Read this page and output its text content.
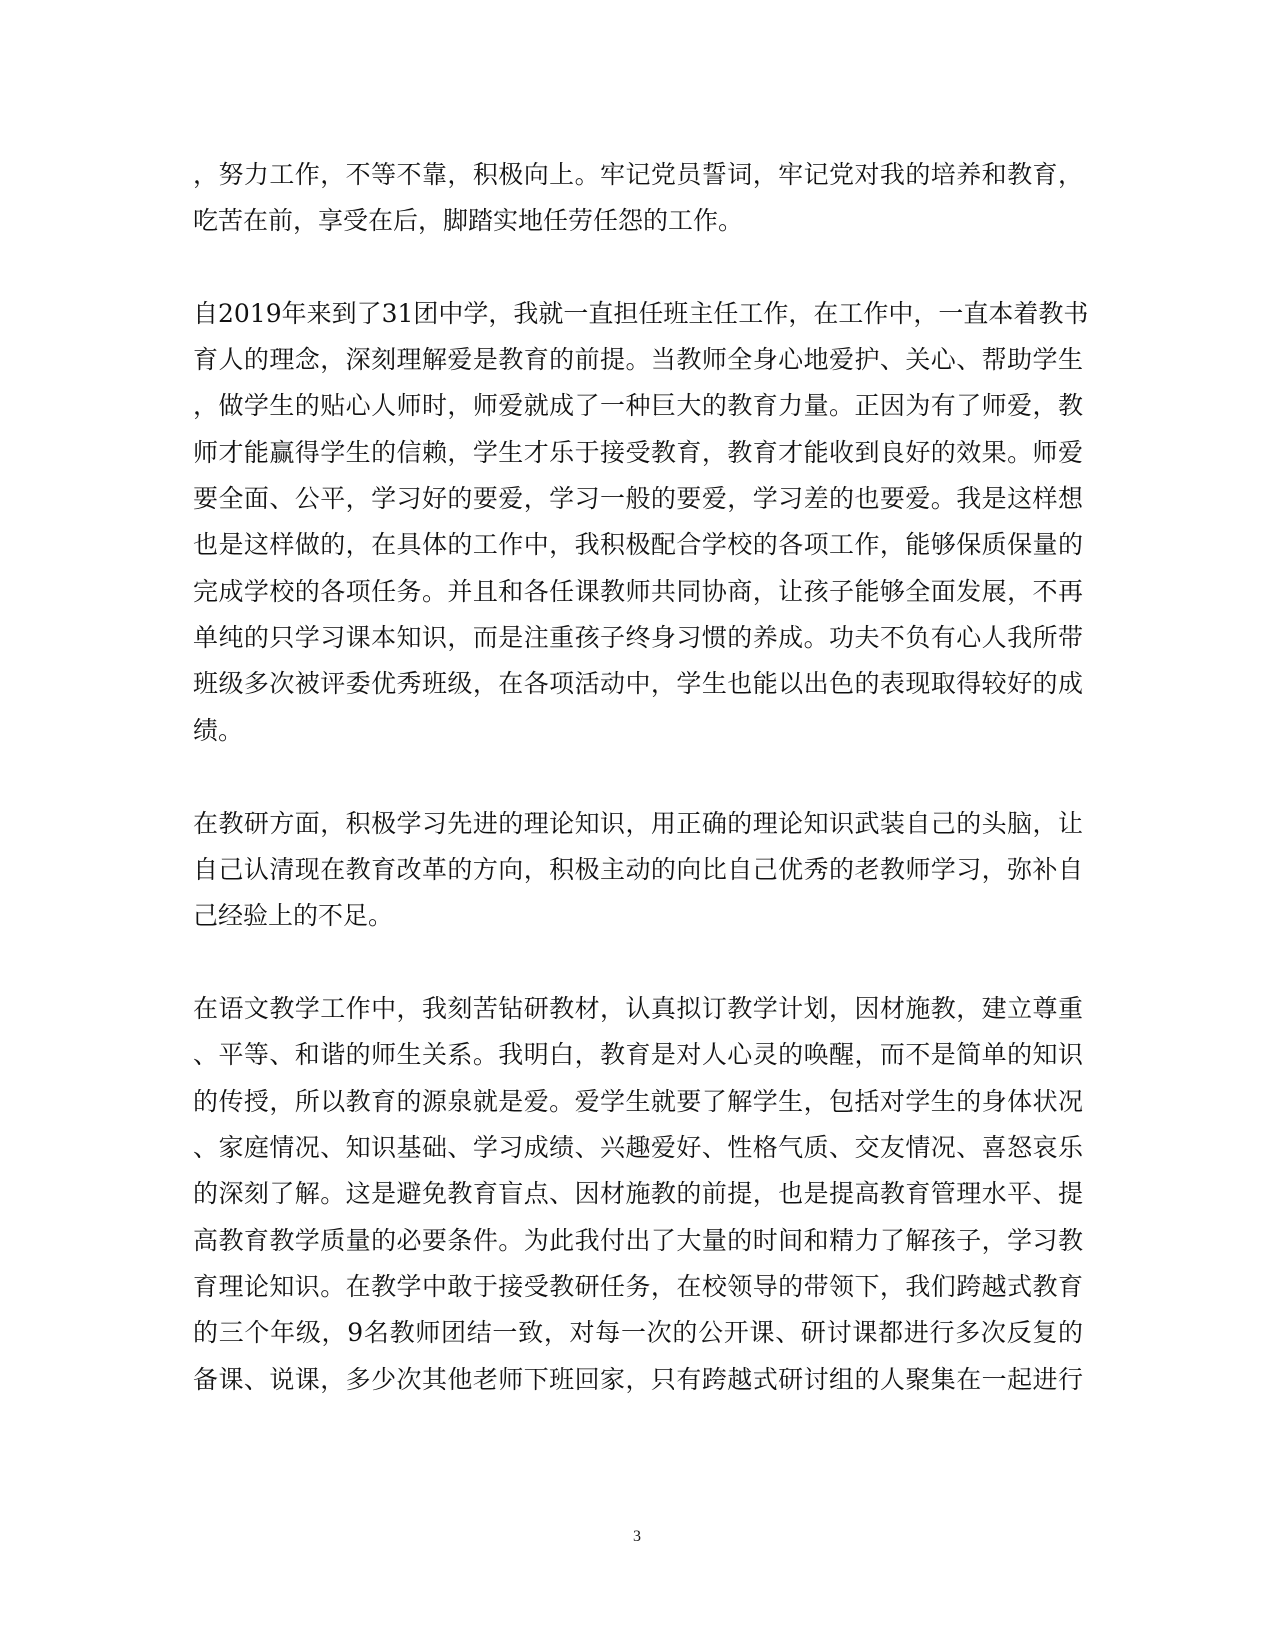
，努力工作，不等不靠，积极向上。牢记党员誓词，牢记党对我的培养和教育，
吃苦在前，享受在后，脚踏实地任劳任怨的工作。
自2019年来到了31团中学，我就一直担任班主任工作，在工作中，一直本着教书
育人的理念，深刻理解爱是教育的前提。当教师全身心地爱护、关心、帮助学生
，做学生的贴心人师时，师爱就成了一种巨大的教育力量。正因为有了师爱，教
师才能赢得学生的信赖，学生才乐于接受教育，教育才能收到良好的效果。师爱
要全面、公平，学习好的要爱，学习一般的要爱，学习差的也要爱。我是这样想
也是这样做的，在具体的工作中，我积极配合学校的各项工作，能够保质保量的
完成学校的各项任务。并且和各任课教师共同协商，让孩子能够全面发展，不再
单纯的只学习课本知识，而是注重孩子终身习惯的养成。功夫不负有心人我所带
班级多次被评委优秀班级，在各项活动中，学生也能以出色的表现取得较好的成
绩。
在教研方面，积极学习先进的理论知识，用正确的理论知识武装自己的头脑，让
自己认清现在教育改革的方向，积极主动的向比自己优秀的老教师学习，弥补自
己经验上的不足。
在语文教学工作中，我刻苦钻研教材，认真拟订教学计划，因材施教，建立尊重
、平等、和谐的师生关系。我明白，教育是对人心灵的唤醒，而不是简单的知识
的传授，所以教育的源泉就是爱。爱学生就要了解学生，包括对学生的身体状况
、家庭情况、知识基础、学习成绩、兴趣爱好、性格气质、交友情况、喜怒哀乐
的深刻了解。这是避免教育盲点、因材施教的前提，也是提高教育管理水平、提
高教育教学质量的必要条件。为此我付出了大量的时间和精力了解孩子，学习教
育理论知识。在教学中敢于接受教研任务，在校领导的带领下，我们跨越式教育
的三个年级，9名教师团结一致，对每一次的公开课、研讨课都进行多次反复的
备课、说课，多少次其他老师下班回家，只有跨越式研讨组的人聚集在一起进行
3
